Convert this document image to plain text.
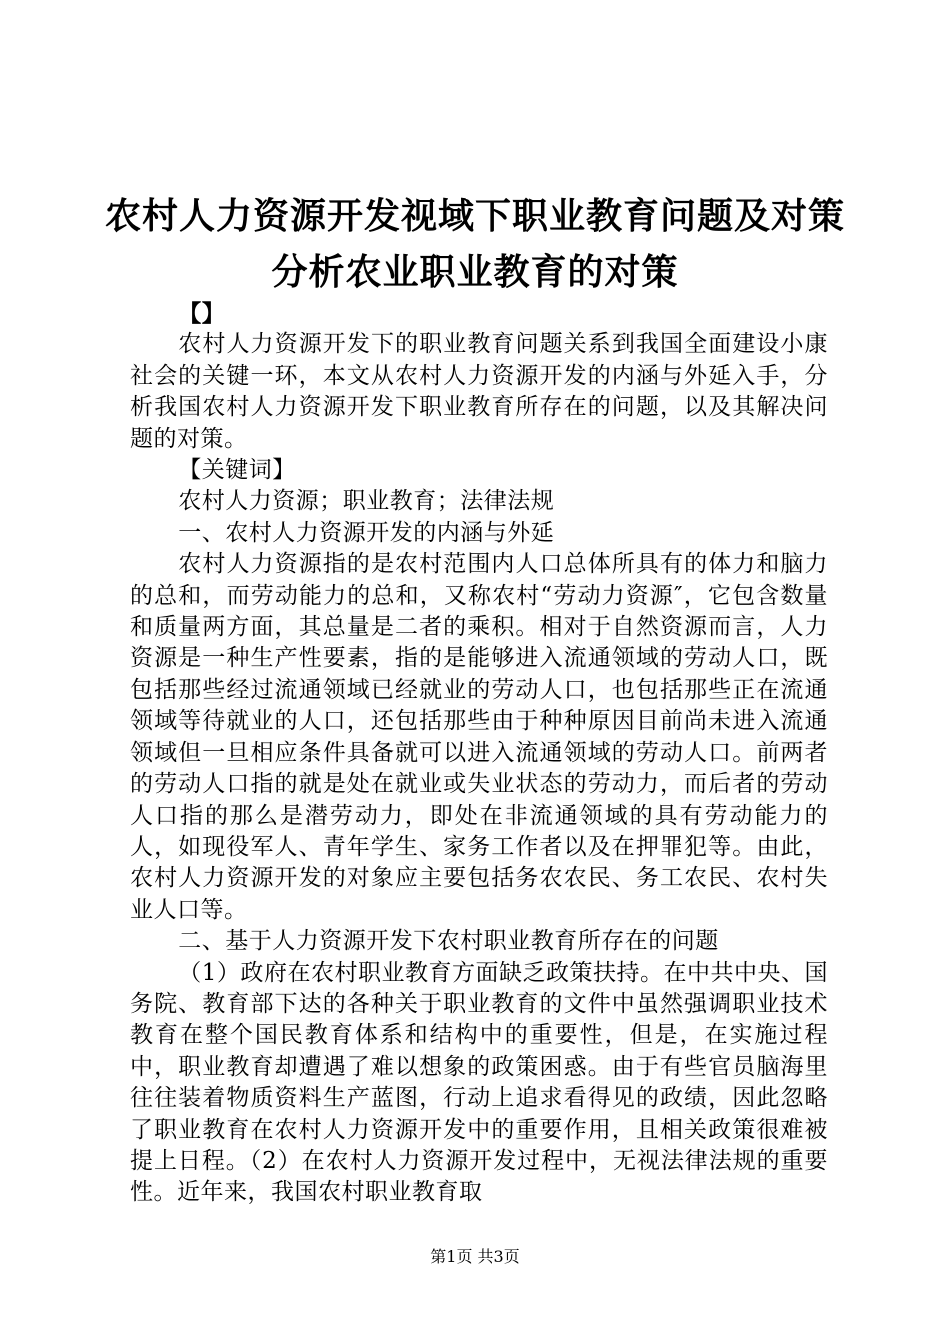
农村人力资源开发视域下职业教育问题及对策
分析农业职业教育的对策

【】

农村人力资源开发下的职业教育问题关系到我国全面建设小康社会的关键一环，本文从农村人力资源开发的内涵与外延入手，分析我国农村人力资源开发下职业教育所存在的问题，以及其解决问题的对策。

【关键词】

农村人力资源；职业教育；法律法规

一、农村人力资源开发的内涵与外延

农村人力资源指的是农村范围内人口总体所具有的体力和脑力的总和，而劳动能力的总和，又称农村“劳动力资源″，它包含数量和质量两方面，其总量是二者的乘积。相对于自然资源而言，人力资源是一种生产性要素，指的是能够进入流通领域的劳动人口，既包括那些经过流通领域已经就业的劳动人口，也包括那些正在流通领域等待就业的人口，还包括那些由于种种原因目前尚未进入流通领域但一旦相应条件具备就可以进入流通领域的劳动人口。前两者的劳动人口指的就是处在就业或失业状态的劳动力，而后者的劳动人口指的那么是潜劳动力，即处在非流通领域的具有劳动能力的人，如现役军人、青年学生、家务工作者以及在押罪犯等。由此，农村人力资源开发的对象应主要包括务农农民、务工农民、农村失业人口等。

二、基于人力资源开发下农村职业教育所存在的问题

（1）政府在农村职业教育方面缺乏政策扶持。在中共中央、国务院、教育部下达的各种关于职业教育的文件中虽然强调职业技术教育在整个国民教育体系和结构中的重要性，但是，在实施过程中，职业教育却遭遇了难以想象的政策困惑。由于有些官员脑海里往往装着物质资料生产蓝图，行动上追求看得见的政绩，因此忽略了职业教育在农村人力资源开发中的重要作用，且相关政策很难被提上日程。（2）在农村人力资源开发过程中，无视法律法规的重要性。近年来，我国农村职业教育取

第1页 共3页
